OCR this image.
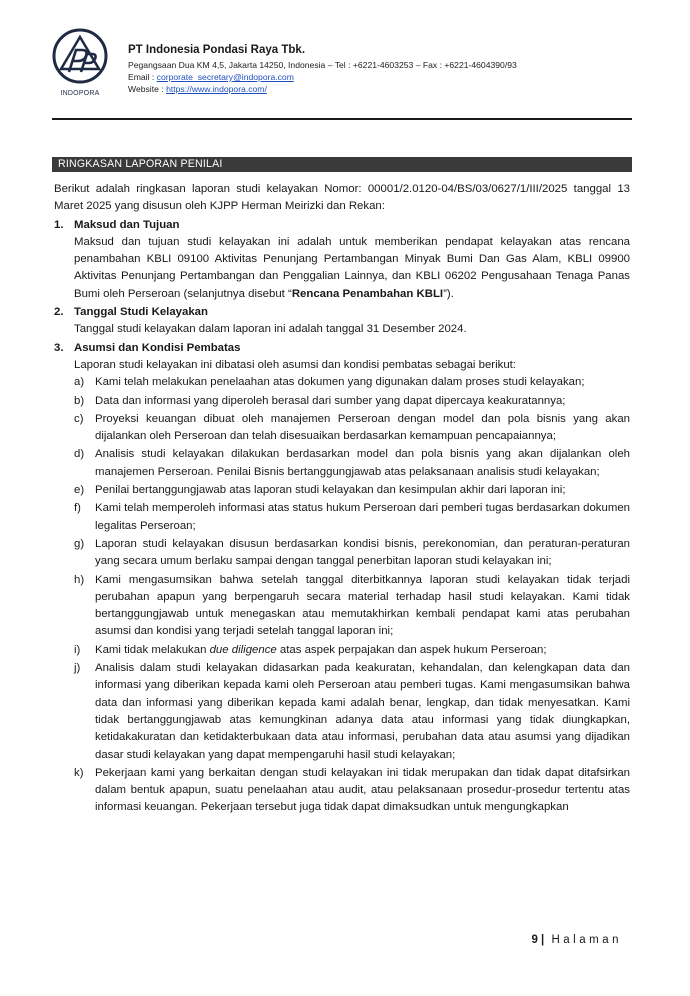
INDOPORA
PT Indonesia Pondasi Raya Tbk.
Pegangsaan Dua KM 4,5, Jakarta 14250, Indonesia – Tel : +6221-4603253 – Fax : +6221-4604390/93
Email : corporate_secretary@indopora.com
Website : https://www.indopora.com/
RINGKASAN LAPORAN PENILAI

Berikut adalah ringkasan laporan studi kelayakan Nomor: 00001/2.0120-04/BS/03/0627/1/III/2025 tanggal 13 Maret 2025 yang disusun oleh KJPP Herman Meirizki dan Rekan:

1. Maksud dan Tujuan

Maksud dan tujuan studi kelayakan ini adalah untuk memberikan pendapat kelayakan atas rencana penambahan KBLI 09100 Aktivitas Penunjang Pertambangan Minyak Bumi Dan Gas Alam, KBLI 09900 Aktivitas Penunjang Pertambangan dan Penggalian Lainnya, dan KBLI 06202 Pengusahaan Tenaga Panas Bumi oleh Perseroan (selanjutnya disebut “Rencana Penambahan KBLI”).

2. Tanggal Studi Kelayakan

Tanggal studi kelayakan dalam laporan ini adalah tanggal 31 Desember 2024.

3. Asumsi dan Kondisi Pembatas

Laporan studi kelayakan ini dibatasi oleh asumsi dan kondisi pembatas sebagai berikut:

a) Kami telah melakukan penelaahan atas dokumen yang digunakan dalam proses studi kelayakan;
b) Data dan informasi yang diperoleh berasal dari sumber yang dapat dipercaya keakuratannya;
c)	Proyeksi keuangan dibuat oleh manajemen Perseroan dengan model dan pola bisnis yang akan dijalankan oleh Perseroan dan telah disesuaikan berdasarkan kemampuan pencapaiannya;
d) Analisis studi kelayakan dilakukan berdasarkan model dan pola bisnis yang akan dijalankan oleh manajemen Perseroan. Penilai Bisnis bertanggungjawab atas pelaksanaan analisis studi kelayakan;
e) Penilai bertanggungjawab atas laporan studi kelayakan dan kesimpulan akhir dari laporan ini;
f)	Kami telah memperoleh informasi atas status hukum Perseroan dari pemberi tugas berdasarkan dokumen legalitas Perseroan;
g) Laporan studi kelayakan disusun berdasarkan kondisi bisnis, perekonomian, dan peraturan-peraturan yang secara umum berlaku sampai dengan tanggal penerbitan laporan studi kelayakan ini;
h) Kami mengasumsikan bahwa setelah tanggal diterbitkannya laporan studi kelayakan tidak terjadi perubahan apapun yang berpengaruh secara material terhadap hasil studi kelayakan. Kami tidak bertanggungjawab untuk menegaskan atau memutakhirkan kembali pendapat kami atas perubahan asumsi dan kondisi yang terjadi setelah tanggal laporan ini;
i)	Kami tidak melakukan due diligence atas aspek perpajakan dan aspek hukum Perseroan;
j)	Analisis dalam studi kelayakan didasarkan pada keakuratan, kehandalan, dan kelengkapan data dan informasi yang diberikan kepada kami oleh Perseroan atau pemberi tugas. Kami mengasumsikan bahwa data dan informasi yang diberikan kepada kami adalah benar, lengkap, dan tidak menyesatkan. Kami tidak bertanggungjawab atas kemungkinan adanya data atau informasi yang tidak diungkapkan, ketidakakuratan dan ketidakterbukaan data atau informasi, perubahan data atau asumsi yang dijadikan dasar studi kelayakan yang dapat mempengaruhi hasil studi kelayakan;
k)	Pekerjaan kami yang berkaitan dengan studi kelayakan ini tidak merupakan dan tidak dapat ditafsirkan dalam bentuk apapun, suatu penelaahan atau audit, atau pelaksanaan prosedur-prosedur tertentu atas informasi keuangan. Pekerjaan tersebut juga tidak dapat dimaksudkan untuk mengungkapkan
9 | Halaman
